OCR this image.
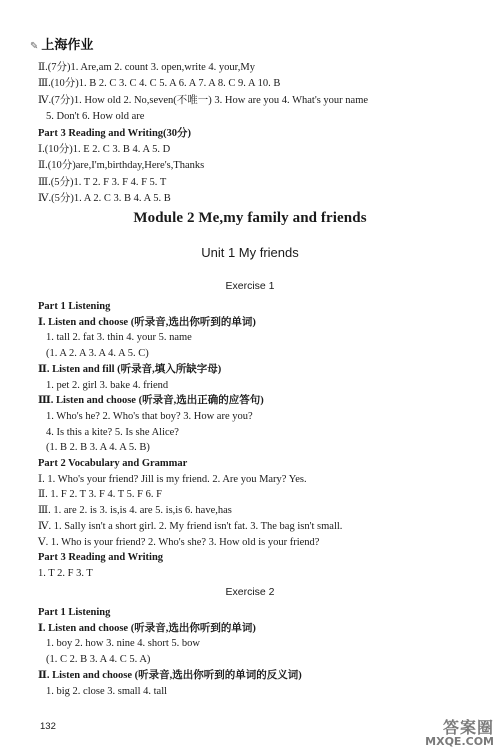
✎ 上海作业
Ⅱ.(7分)1. Are,am 2. count 3. open,write 4. your,My
Ⅲ.(10分)1. B 2. C 3. C 4. C 5. A 6. A 7. A 8. C 9. A 10. B
Ⅳ.(7分)1. How old 2. No,seven(不唯一) 3. How are you 4. What's your name
5. Don't 6. How old are
Part 3 Reading and Writing(30分)
Ⅰ.(10分)1. E 2. C 3. B 4. A 5. D
Ⅱ.(10分)are,I'm,birthday,Here's,Thanks
Ⅲ.(5分)1. T 2. F 3. F 4. F 5. T
Ⅳ.(5分)1. A 2. C 3. B 4. A 5. B
Module 2 Me,my family and friends
Unit 1 My friends
Exercise 1
Part 1 Listening
Ⅰ. Listen and choose (听录音,选出你听到的单词)
1. tall 2. fat 3. thin 4. your 5. name
(1. A 2. A 3. A 4. A 5. C)
Ⅱ. Listen and fill (听录音,填入所缺字母)
1. pet 2. girl 3. bake 4. friend
Ⅲ. Listen and choose (听录音,选出正确的应答句)
1. Who's he? 2. Who's that boy? 3. How are you?
4. Is this a kite? 5. Is she Alice?
(1. B 2. B 3. A 4. A 5. B)
Part 2 Vocabulary and Grammar
Ⅰ. 1. Who's your friend? Jill is my friend. 2. Are you Mary? Yes.
Ⅱ. 1. F 2. T 3. F 4. T 5. F 6. F
Ⅲ. 1. are 2. is 3. is,is 4. are 5. is,is 6. have,has
Ⅳ. 1. Sally isn't a short girl. 2. My friend isn't fat. 3. The bag isn't small.
Ⅴ. 1. Who is your friend? 2. Who's she? 3. How old is your friend?
Part 3 Reading and Writing
1. T 2. F 3. T
Exercise 2
Part 1 Listening
Ⅰ. Listen and choose (听录音,选出你听到的单词)
1. boy 2. how 3. nine 4. short 5. bow
(1. C 2. B 3. A 4. C 5. A)
Ⅱ. Listen and choose (听录音,选出你听到的单词的反义词)
1. big 2. close 3. small 4. tall
132	答案圈
MXQE.COM
